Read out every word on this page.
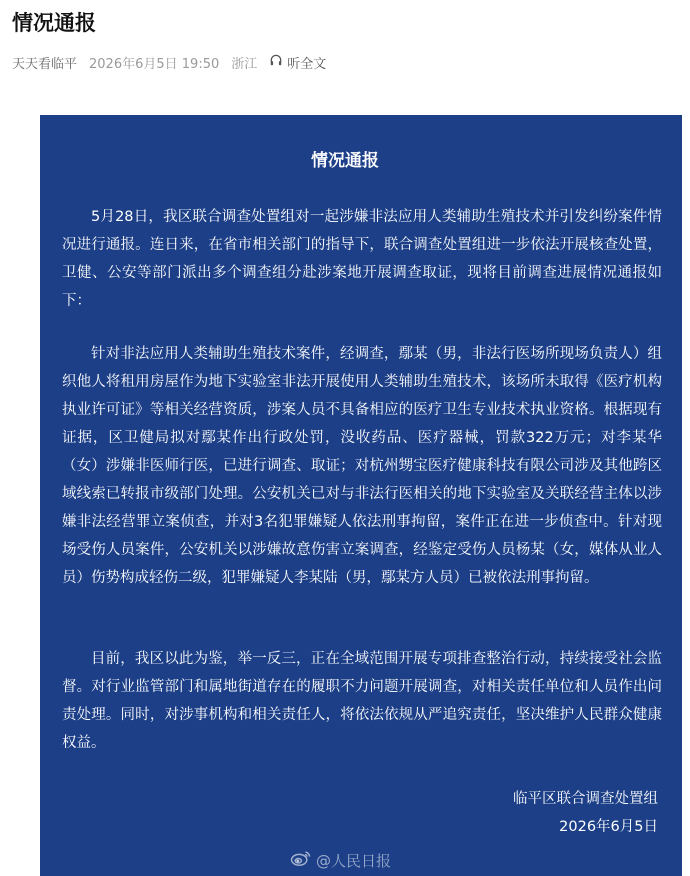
情况通报
天天看临平 2026年6月5日 19:50 浙江 听全文
情况通报

5月28日，我区联合调查处置组对一起涉嫌非法应用人类辅助生殖技术并引发纠纷案件情况进行通报。连日来，在省市相关部门的指导下，联合调查处置组进一步依法开展核查处置，卫健、公安等部门派出多个调查组分赴涉案地开展调查取证，现将目前调查进展情况通报如下：

针对非法应用人类辅助生殖技术案件，经调查，鄢某（男，非法行医场所现场负责人）组织他人将租用房屋作为地下实验室非法开展使用人类辅助生殖技术，该场所未取得《医疗机构执业许可证》等相关经营资质，涉案人员不具备相应的医疗卫生专业技术执业资格。根据现有证据，区卫健局拟对鄢某作出行政处罚，没收药品、医疗器械，罚款322万元；对李某华（女）涉嫌非医师行医，已进行调查、取证；对杭州甥宝医疗健康科技有限公司涉及其他跨区域线索已转报市级部门处理。公安机关已对与非法行医相关的地下实验室及关联经营主体以涉嫌非法经营罪立案侦查，并对3名犯罪嫌疑人依法刑事拘留，案件正在进一步侦查中。针对现场受伤人员案件，公安机关以涉嫌故意伤害立案调查，经鉴定受伤人员杨某（女，媒体从业人员）伤势构成轻伤二级，犯罪嫌疑人李某陆（男，鄢某方人员）已被依法刑事拘留。

目前，我区以此为鉴，举一反三，正在全域范围开展专项排查整治行动，持续接受社会监督。对行业监管部门和属地街道存在的履职不力问题开展调查，对相关责任单位和人员作出问责处理。同时，对涉事机构和相关责任人，将依法依规从严追究责任，坚决维护人民群众健康权益。

临平区联合调查处置组

2026年6月5日

@人民日报
